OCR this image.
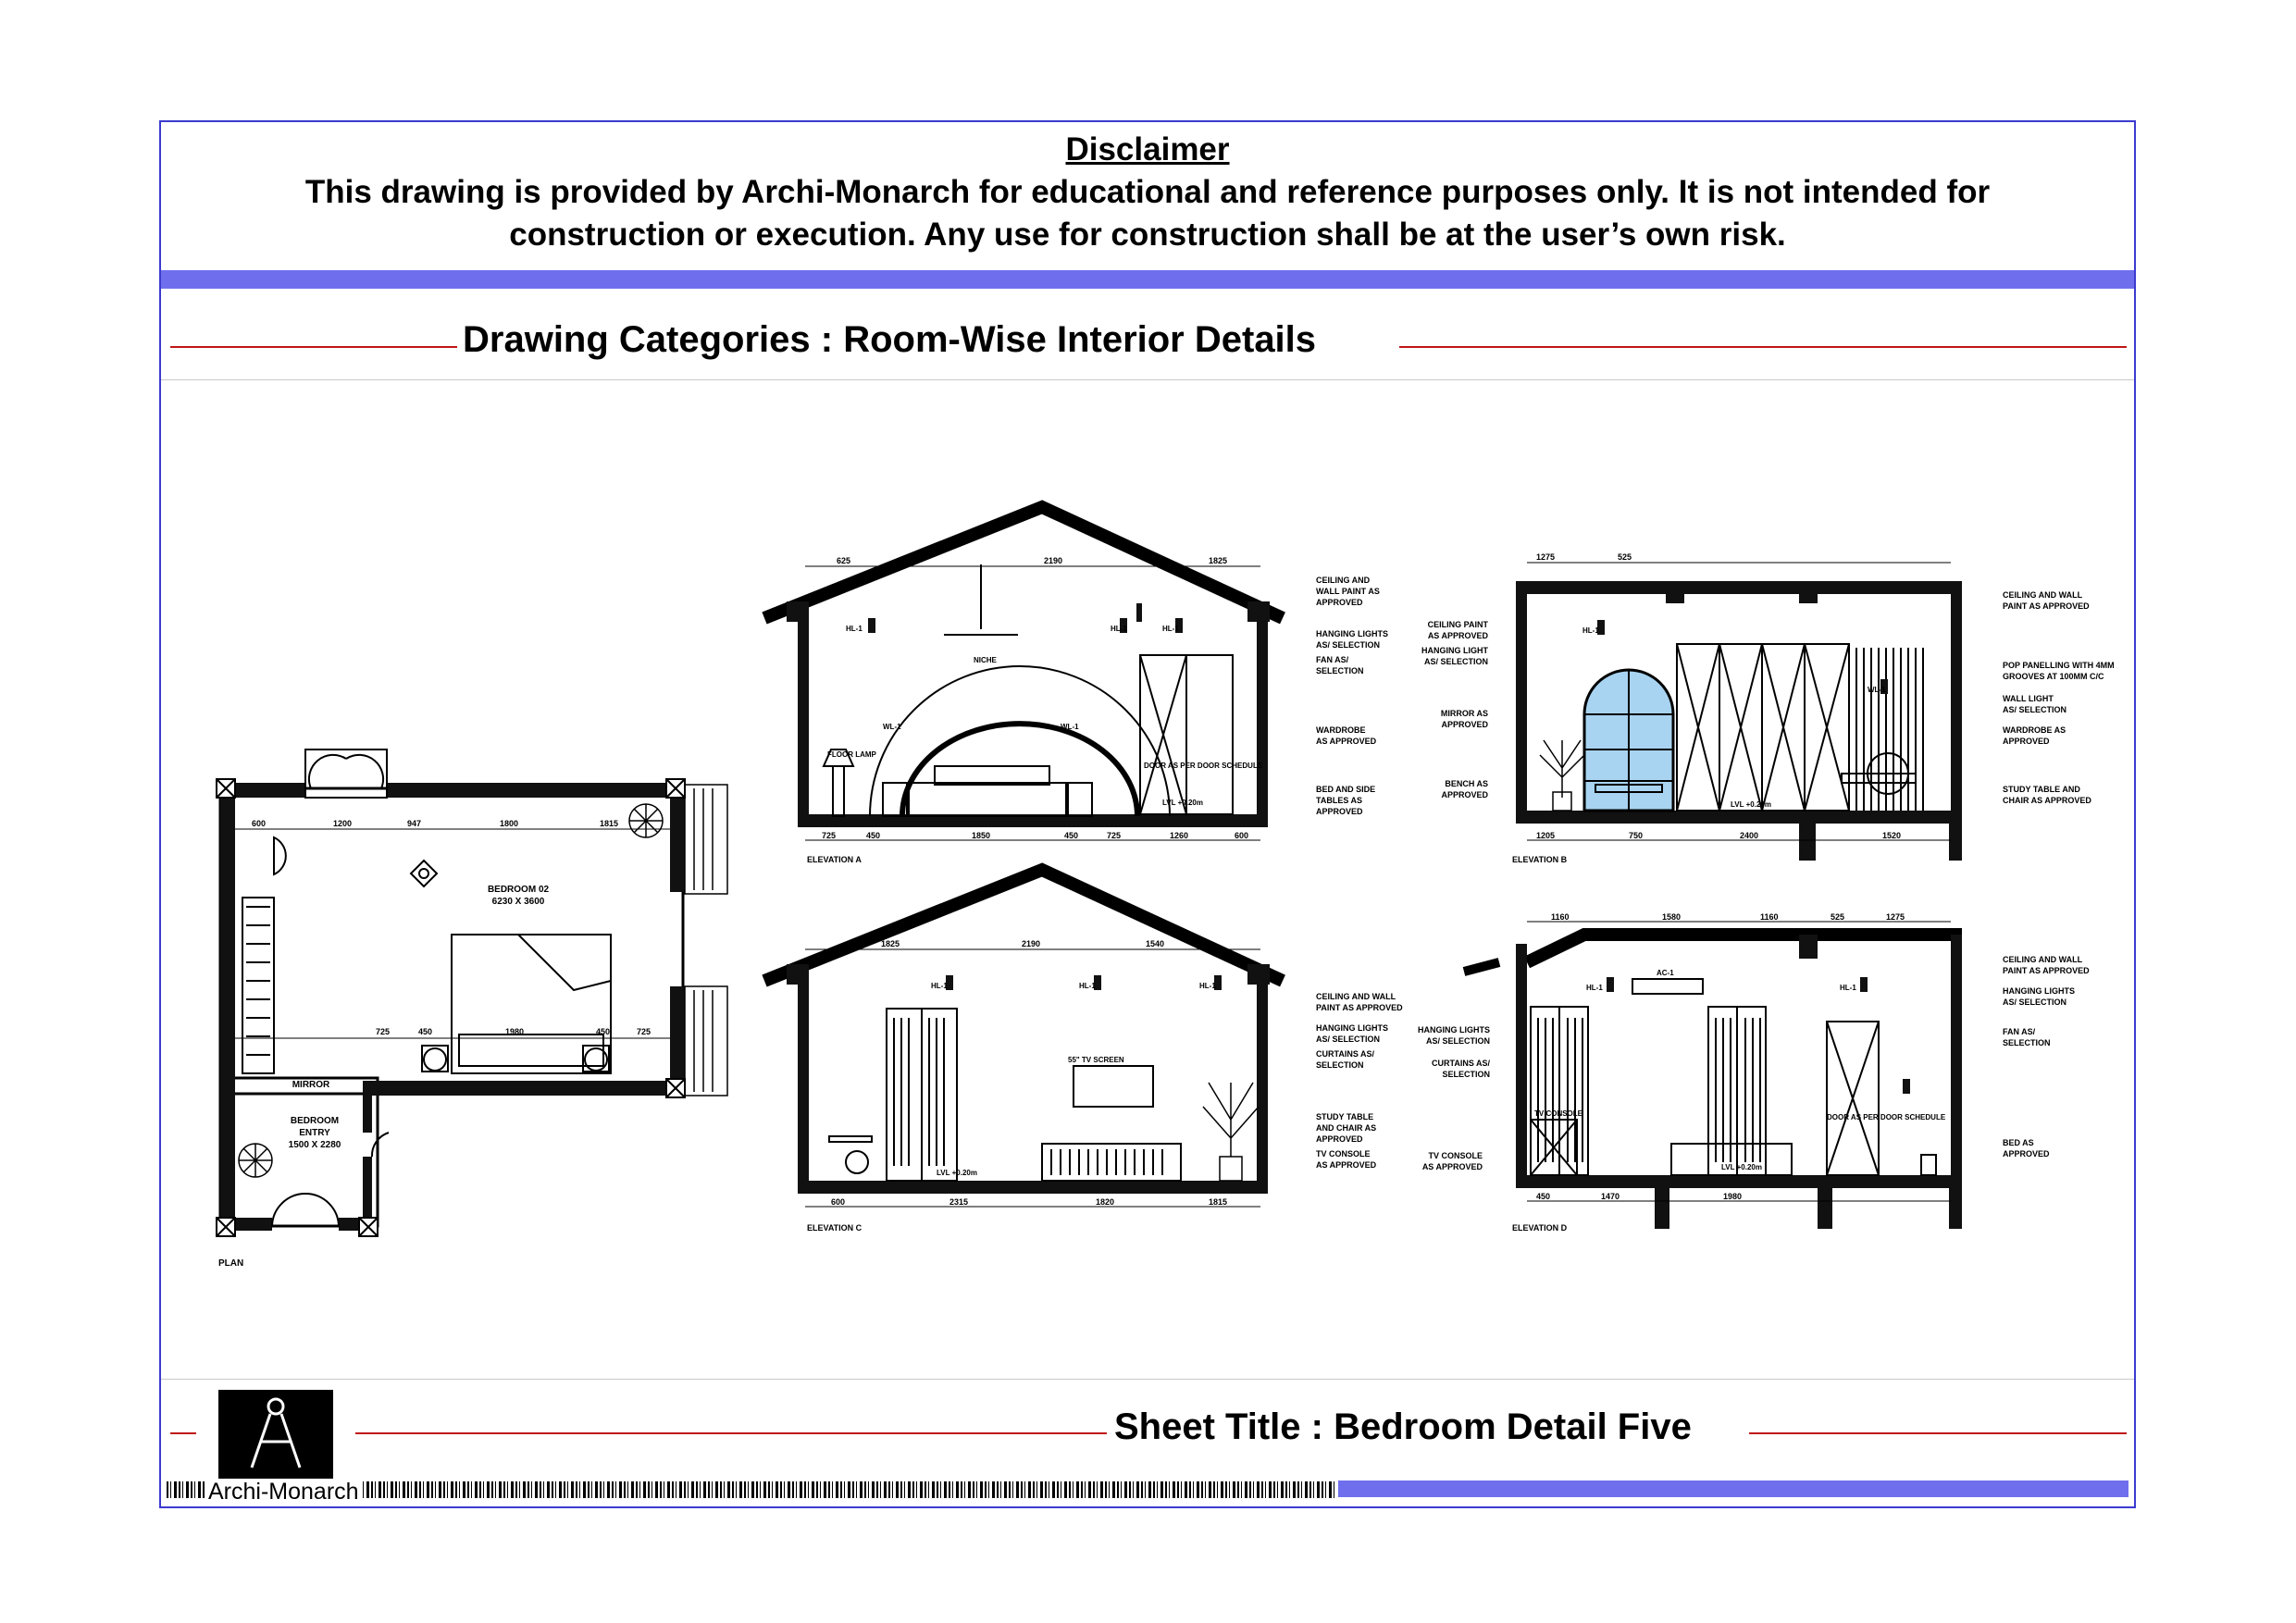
Disclaimer
This drawing is provided by Archi-Monarch for educational and reference purposes only. It is not intended for
construction or execution. Any use for construction shall be at the user’s own risk.
Drawing Categories : Room-Wise Interior Details
600	1200	947	1800	1815
725	450	1980	450	725
BEDROOM 02
6230 X 3600
MIRROR
BEDROOM
ENTRY
1500 X 2280
PLAN
625	2190	1825
725	450	1850	450	725	1260	600
HL-1	HL-1	HL-1
FLOOR LAMP
WL-1	WL-1
NICHE
DOOR AS PER DOOR SCHEDULE
LVL +0.20m
CEILING AND
WALL PAINT AS
APPROVED
HANGING LIGHTS
AS/ SELECTION
FAN AS/
SELECTION
WARDROBE
AS APPROVED
BED AND SIDE
TABLES AS
APPROVED
ELEVATION A
1275	525
1205	750	2400	1520
HL-1
WL-1
LVL +0.20m
CEILING PAINT
AS APPROVED
HANGING LIGHT
AS/ SELECTION
MIRROR AS
APPROVED
BENCH AS
APPROVED
CEILING AND WALL
PAINT AS APPROVED
POP PANELLING WITH 4MM
GROOVES AT 100MM C/C
WALL LIGHT
AS/ SELECTION
WARDROBE AS
APPROVED
STUDY TABLE AND
CHAIR AS APPROVED
ELEVATION B
1825	2190	1540
600	2315	1820	1815
HL-1	HL-1	HL-1
55" TV SCREEN
LVL +0.20m
CEILING AND WALL
PAINT AS APPROVED
HANGING LIGHTS
AS/ SELECTION
CURTAINS AS/
SELECTION
STUDY TABLE
AND CHAIR AS
APPROVED
TV CONSOLE
AS APPROVED
ELEVATION C
1160	1580	1160	525	1275
450	1470	1980
HL-1	HL-1
AC-1
TV CONSOLE	DOOR AS PER DOOR SCHEDULE
LVL +0.20m
HANGING LIGHTS
AS/ SELECTION
CURTAINS AS/
SELECTION
TV CONSOLE
AS APPROVED
CEILING AND WALL
PAINT AS APPROVED
HANGING LIGHTS
AS/ SELECTION
FAN AS/
SELECTION
BED AS
APPROVED
ELEVATION D
Sheet Title : Bedroom Detail Five
Archi-Monarch
